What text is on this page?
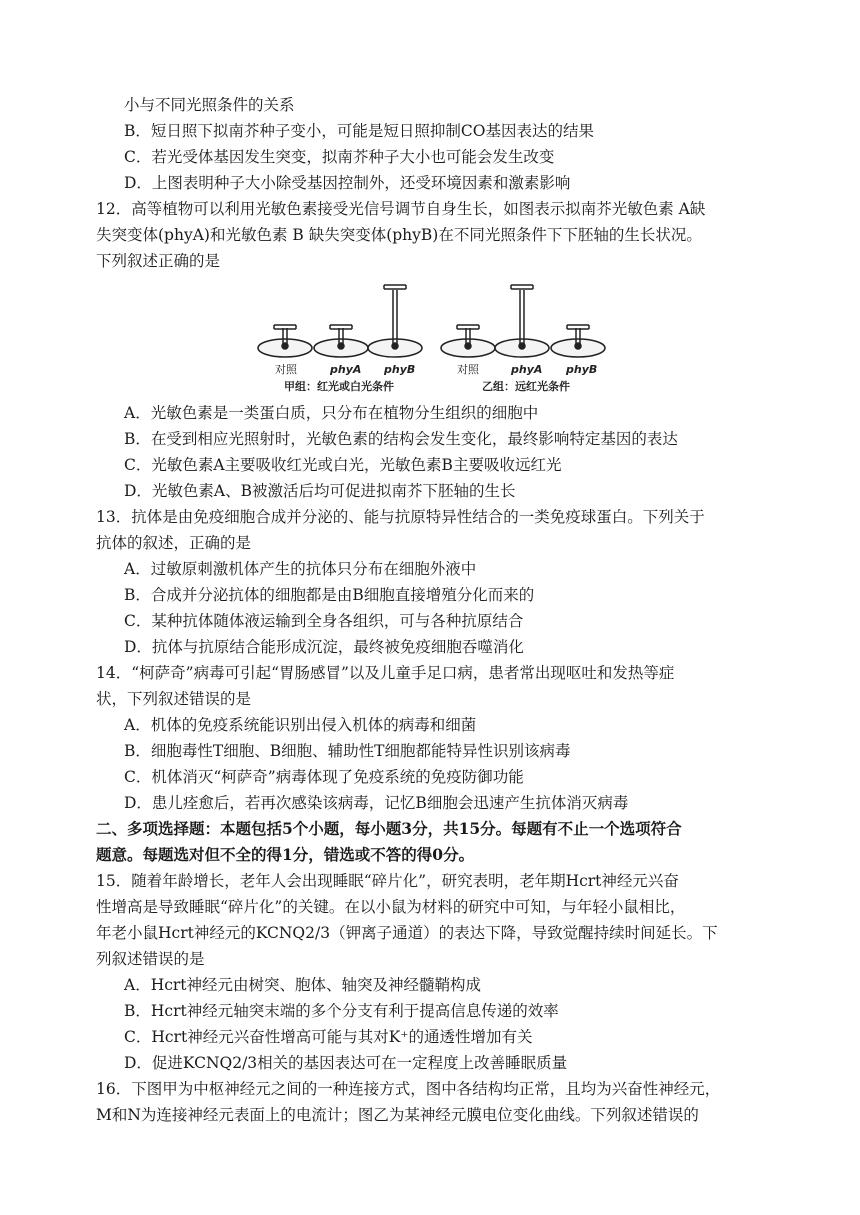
小与不同光照条件的关系
B．短日照下拟南芥种子变小，可能是短日照抑制CO基因表达的结果
C．若光受体基因发生突变，拟南芥种子大小也可能会发生改变
D．上图表明种子大小除受基因控制外，还受环境因素和激素影响
12．高等植物可以利用光敏色素接受光信号调节自身生长，如图表示拟南芥光敏色素 A缺
失突变体(phyA)和光敏色素 B 缺失突变体(phyB)在不同光照条件下下胚轴的生长状况。
下列叙述正确的是
对照	phyA phyB
甲组：红光或白光条件
对照	phyA phyB
乙组：远红光条件
A．光敏色素是一类蛋白质，只分布在植物分生组织的细胞中
B．在受到相应光照射时，光敏色素的结构会发生变化，最终影响特定基因的表达
C．光敏色素A主要吸收红光或白光，光敏色素B主要吸收远红光
D．光敏色素A、B被激活后均可促进拟南芥下胚轴的生长
13．抗体是由免疫细胞合成并分泌的、能与抗原特异性结合的一类免疫球蛋白。下列关于
抗体的叙述，正确的是
A．过敏原刺激机体产生的抗体只分布在细胞外液中
B．合成并分泌抗体的细胞都是由B细胞直接增殖分化而来的
C．某种抗体随体液运输到全身各组织，可与各种抗原结合
D．抗体与抗原结合能形成沉淀，最终被免疫细胞吞噬消化
14．“柯萨奇”病毒可引起“胃肠感冒”以及儿童手足口病，患者常出现呕吐和发热等症
状，下列叙述错误的是
A．机体的免疫系统能识别出侵入机体的病毒和细菌
B．细胞毒性T细胞、B细胞、辅助性T细胞都能特异性识别该病毒
C．机体消灭“柯萨奇”病毒体现了免疫系统的免疫防御功能
D．患儿痊愈后，若再次感染该病毒，记忆B细胞会迅速产生抗体消灭病毒
二、多项选择题：本题包括5个小题，每小题3分，共15分。每题有不止一个选项符合
题意。每题选对但不全的得1分，错选或不答的得0分。
15．随着年龄增长，老年人会出现睡眠“碎片化”，研究表明，老年期Hcrt神经元兴奋
性增高是导致睡眠“碎片化”的关键。在以小鼠为材料的研究中可知，与年轻小鼠相比，
年老小鼠Hcrt神经元的KCNQ2/3（钾离子通道）的表达下降，导致觉醒持续时间延长。下
列叙述错误的是
A．Hcrt神经元由树突、胞体、轴突及神经髓鞘构成
B．Hcrt神经元轴突末端的多个分支有利于提高信息传递的效率
C．Hcrt神经元兴奋性增高可能与其对K⁺的通透性增加有关
D．促进KCNQ2/3相关的基因表达可在一定程度上改善睡眠质量
16．下图甲为中枢神经元之间的一种连接方式，图中各结构均正常，且均为兴奋性神经元，
M和N为连接神经元表面上的电流计；图乙为某神经元膜电位变化曲线。下列叙述错误的
